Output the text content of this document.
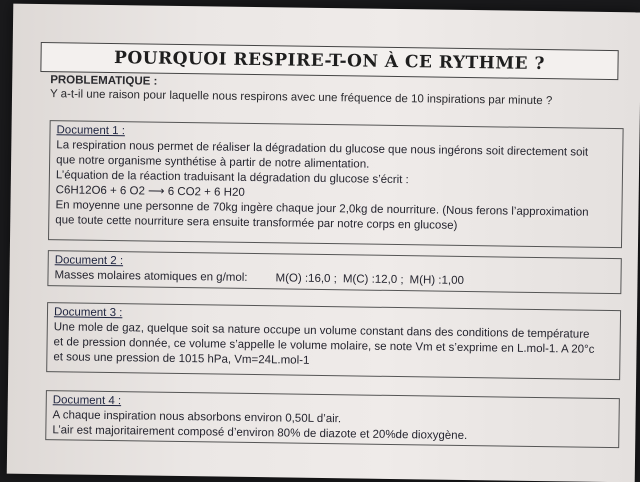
POURQUOI RESPIRE-T-ON À CE RYTHME ?
PROBLEMATIQUE :
Y a-t-il une raison pour laquelle nous respirons avec une fréquence de 10 inspirations par minute ?

Document 1 :

La respiration nous permet de réaliser la dégradation du glucose que nous ingérons soit directement soit

que notre organisme synthétise à partir de notre alimentation.

L’équation de la réaction traduisant la dégradation du glucose s’écrit :

C6H12O6 + 6 O2 ⟶ 6 CO2 + 6 H20

En moyenne une personne de 70kg ingère chaque jour 2,0kg de nourriture. (Nous ferons l’approximation

que toute cette nourriture sera ensuite transformée par notre corps en glucose)

Document 2 :

Masses molaires atomiques en g/mol: M(O) :16,0 ; M(C) :12,0 ; M(H) :1,00

Document 3 :

Une mole de gaz, quelque soit sa nature occupe un volume constant dans des conditions de température

et de pression donnée, ce volume s’appelle le volume molaire, se note Vm et s’exprime en L.mol-1. A 20°c

et sous une pression de 1015 hPa, Vm=24L.mol-1

Document 4 :

A chaque inspiration nous absorbons environ 0,50L d’air.

L’air est majoritairement composé d’environ 80% de diazote et 20%de dioxygène.
